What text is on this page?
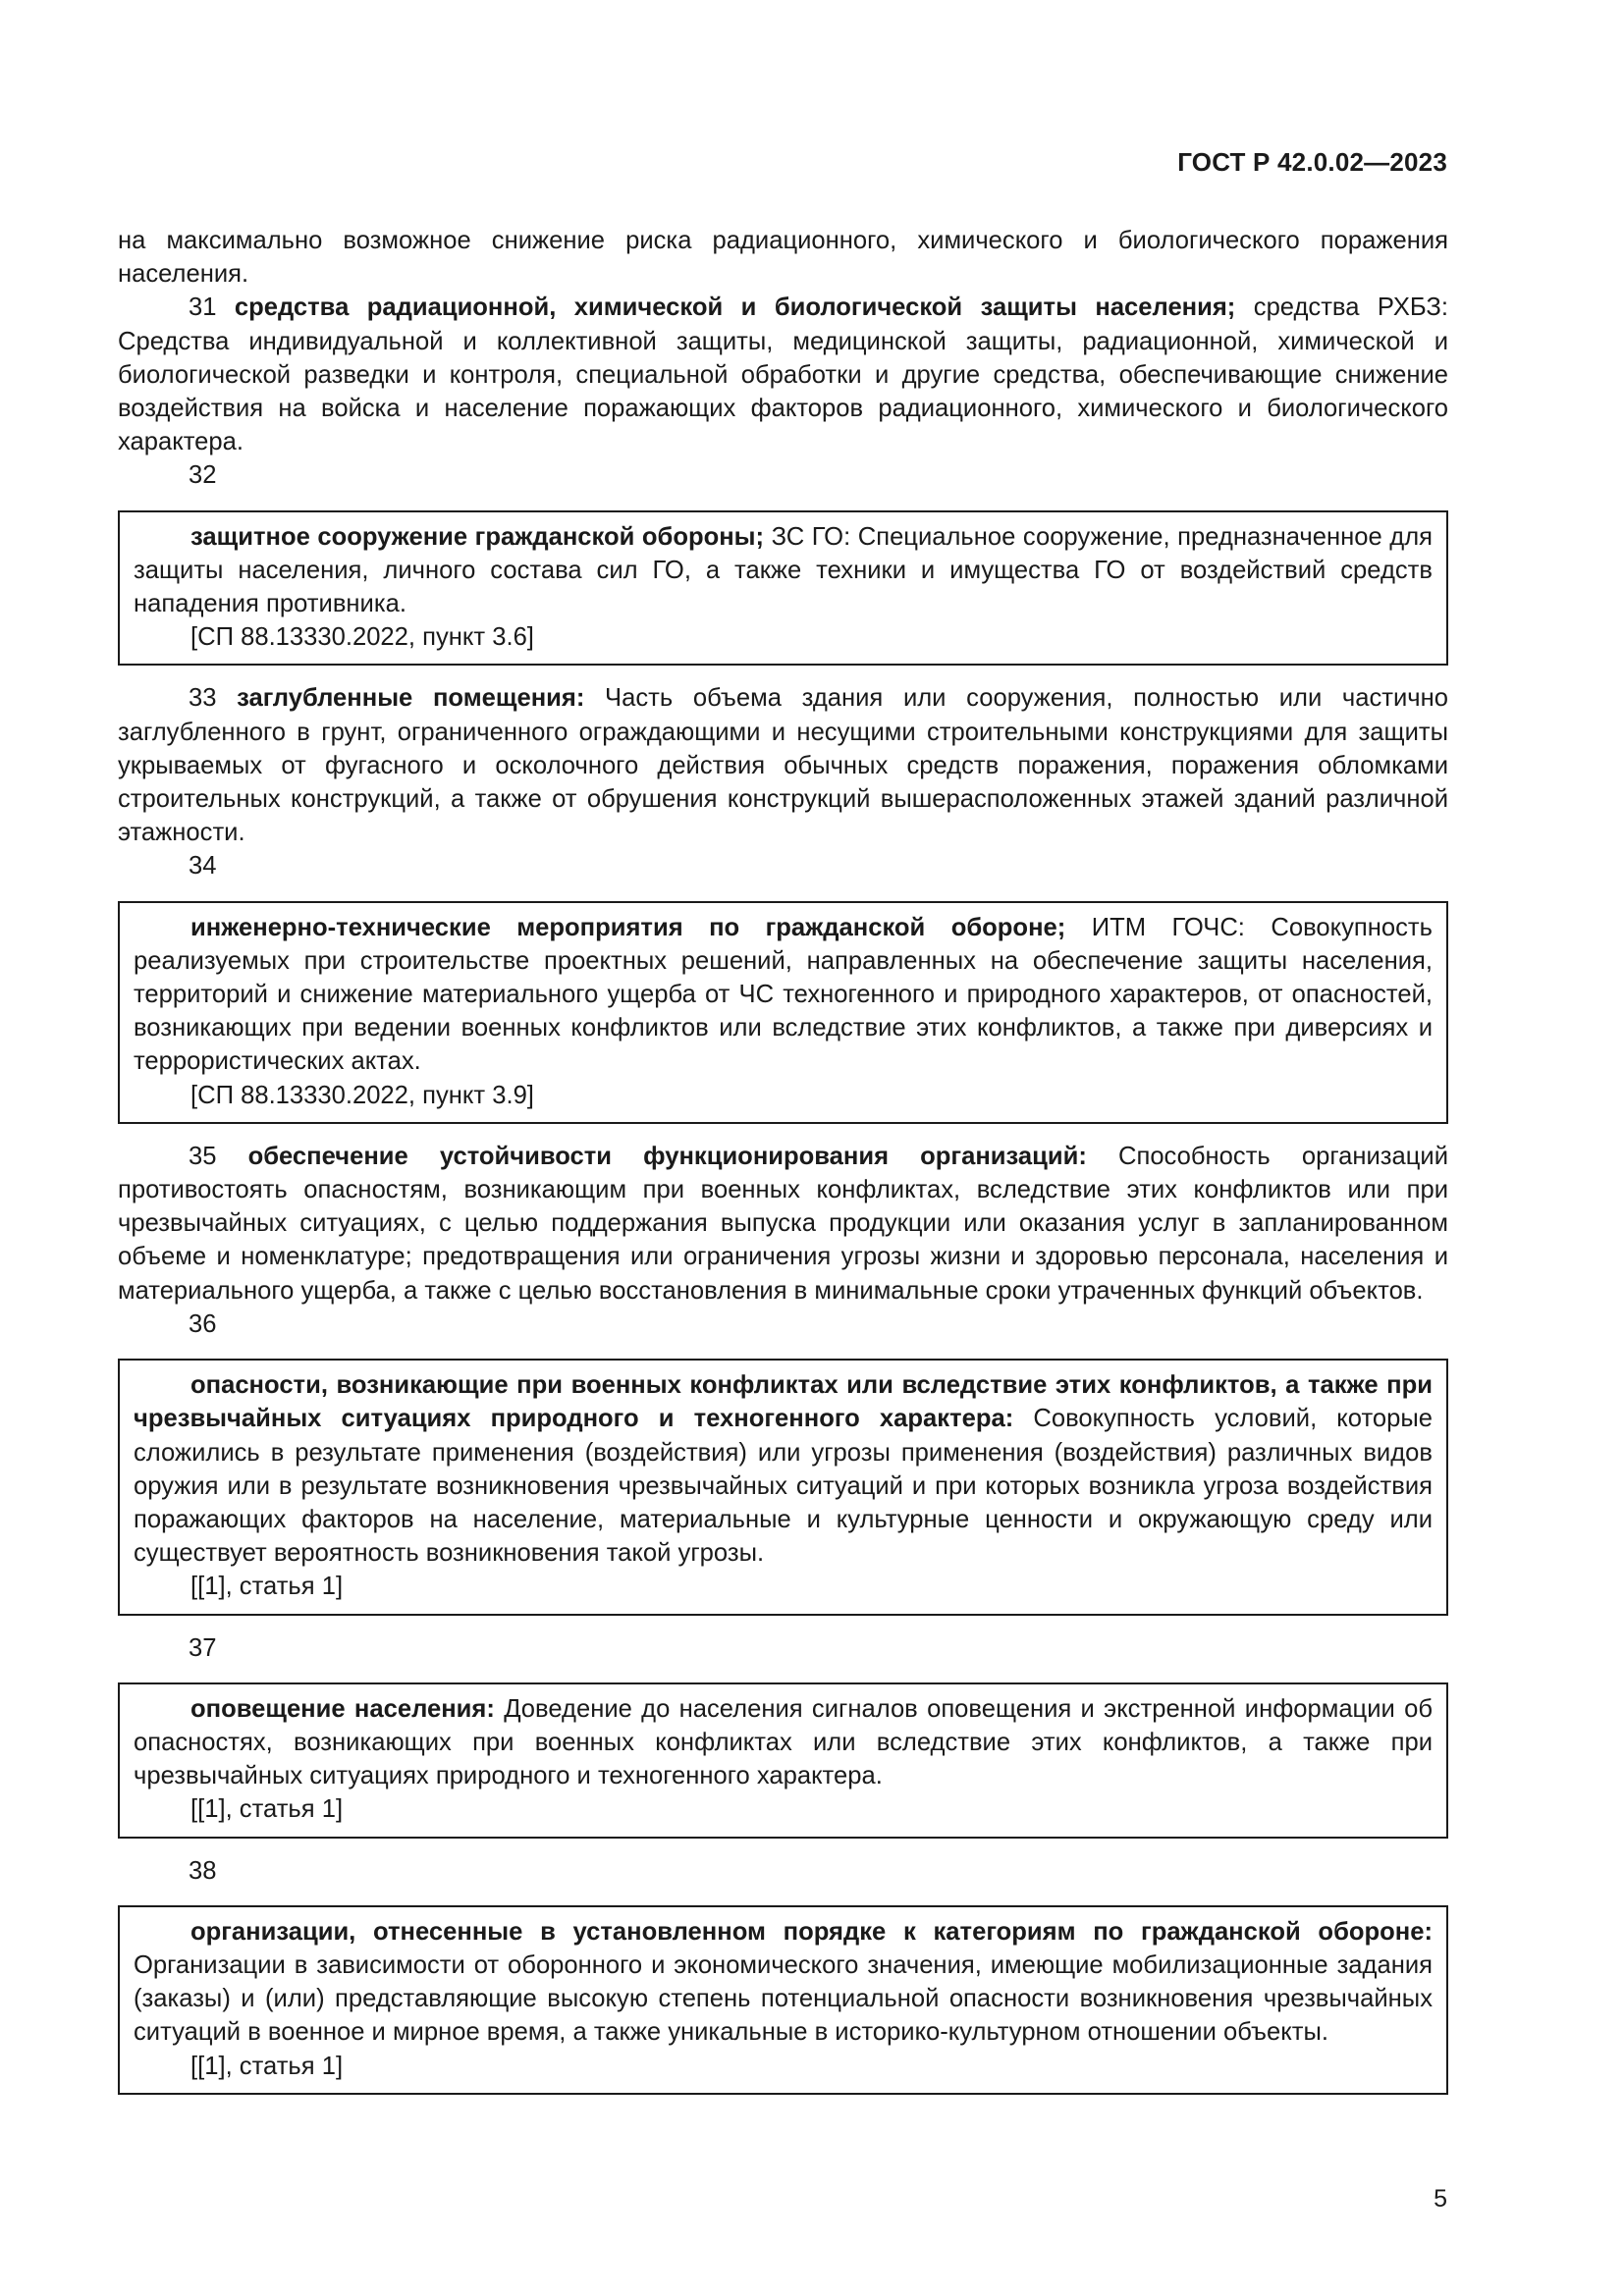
ГОСТ Р 42.0.02—2023

на максимально возможное снижение риска радиационного, химического и биологического поражения населения.

31 средства радиационной, химической и биологической защиты населения; средства РХБЗ: Средства индивидуальной и коллективной защиты, медицинской защиты, радиационной, химической и биологической разведки и контроля, специальной обработки и другие средства, обеспечивающие снижение воздействия на войска и население поражающих факторов радиационного, химического и биологического характера.

32

защитное сооружение гражданской обороны; ЗС ГО: Специальное сооружение, предназначенное для защиты населения, личного состава сил ГО, а также техники и имущества ГО от воздействий средств нападения противника.

[СП 88.13330.2022, пункт 3.6]

33 заглубленные помещения: Часть объема здания или сооружения, полностью или частично заглубленного в грунт, ограниченного ограждающими и несущими строительными конструкциями для защиты укрываемых от фугасного и осколочного действия обычных средств поражения, поражения обломками строительных конструкций, а также от обрушения конструкций вышерасположенных этажей зданий различной этажности.

34

инженерно-технические мероприятия по гражданской обороне; ИТМ ГОЧС: Совокупность реализуемых при строительстве проектных решений, направленных на обеспечение защиты населения, территорий и снижение материального ущерба от ЧС техногенного и природного характеров, от опасностей, возникающих при ведении военных конфликтов или вследствие этих конфликтов, а также при диверсиях и террористических актах.

[СП 88.13330.2022, пункт 3.9]

35 обеспечение устойчивости функционирования организаций: Способность организаций противостоять опасностям, возникающим при военных конфликтах, вследствие этих конфликтов или при чрезвычайных ситуациях, с целью поддержания выпуска продукции или оказания услуг в запланированном объеме и номенклатуре; предотвращения или ограничения угрозы жизни и здоровью персонала, населения и материального ущерба, а также с целью восстановления в минимальные сроки утраченных функций объектов.

36

опасности, возникающие при военных конфликтах или вследствие этих конфликтов, а также при чрезвычайных ситуациях природного и техногенного характера: Совокупность условий, которые сложились в результате применения (воздействия) или угрозы применения (воздействия) различных видов оружия или в результате возникновения чрезвычайных ситуаций и при которых возникла угроза воздействия поражающих факторов на население, материальные и культурные ценности и окружающую среду или существует вероятность возникновения такой угрозы.

[[1], статья 1]

37

оповещение населения: Доведение до населения сигналов оповещения и экстренной информации об опасностях, возникающих при военных конфликтах или вследствие этих конфликтов, а также при чрезвычайных ситуациях природного и техногенного характера.

[[1], статья 1]

38

организации, отнесенные в установленном порядке к категориям по гражданской обороне: Организации в зависимости от оборонного и экономического значения, имеющие мобилизационные задания (заказы) и (или) представляющие высокую степень потенциальной опасности возникновения чрезвычайных ситуаций в военное и мирное время, а также уникальные в историко-культурном отношении объекты.

[[1], статья 1]

5
